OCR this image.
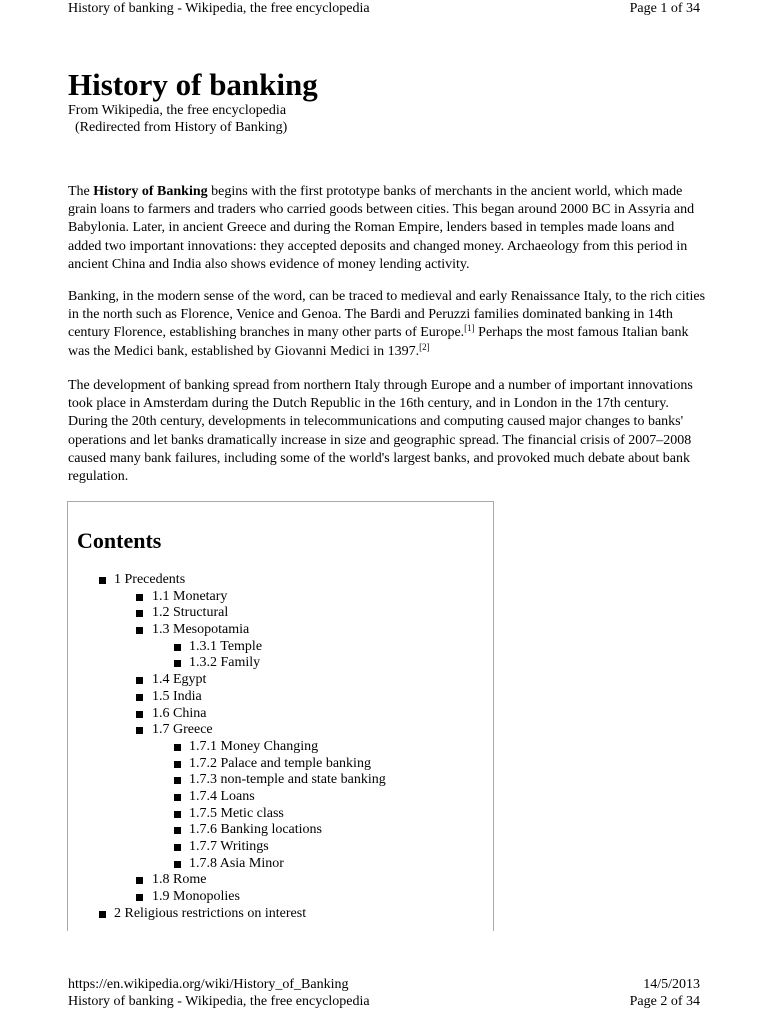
History of banking - Wikipedia, the free encyclopedia	Page 1 of 34
History of banking
From Wikipedia, the free encyclopedia
(Redirected from History of Banking)

The History of Banking begins with the first prototype banks of merchants in the ancient world, which made grain loans to farmers and traders who carried goods between cities. This began around 2000 BC in Assyria and Babylonia. Later, in ancient Greece and during the Roman Empire, lenders based in temples made loans and added two important innovations: they accepted deposits and changed money. Archaeology from this period in ancient China and India also shows evidence of money lending activity.

Banking, in the modern sense of the word, can be traced to medieval and early Renaissance Italy, to the rich cities in the north such as Florence, Venice and Genoa. The Bardi and Peruzzi families dominated banking in 14th century Florence, establishing branches in many other parts of Europe.[1] Perhaps the most famous Italian bank was the Medici bank, established by Giovanni Medici in 1397.[2]

The development of banking spread from northern Italy through Europe and a number of important innovations took place in Amsterdam during the Dutch Republic in the 16th century, and in London in the 17th century. During the 20th century, developments in telecommunications and computing caused major changes to banks' operations and let banks dramatically increase in size and geographic spread. The financial crisis of 2007–2008 caused many bank failures, including some of the world's largest banks, and provoked much debate about bank regulation.

Contents
1 Precedents
1.1 Monetary
1.2 Structural
1.3 Mesopotamia
1.3.1 Temple
1.3.2 Family
1.4 Egypt
1.5 India
1.6 China
1.7 Greece
1.7.1 Money Changing
1.7.2 Palace and temple banking
1.7.3 non-temple and state banking
1.7.4 Loans
1.7.5 Metic class
1.7.6 Banking locations
1.7.7 Writings
1.7.8 Asia Minor
1.8 Rome
1.9 Monopolies
2 Religious restrictions on interest
https://en.wikipedia.org/wiki/History_of_Banking	14/5/2013
History of banking - Wikipedia, the free encyclopedia	Page 2 of 34
